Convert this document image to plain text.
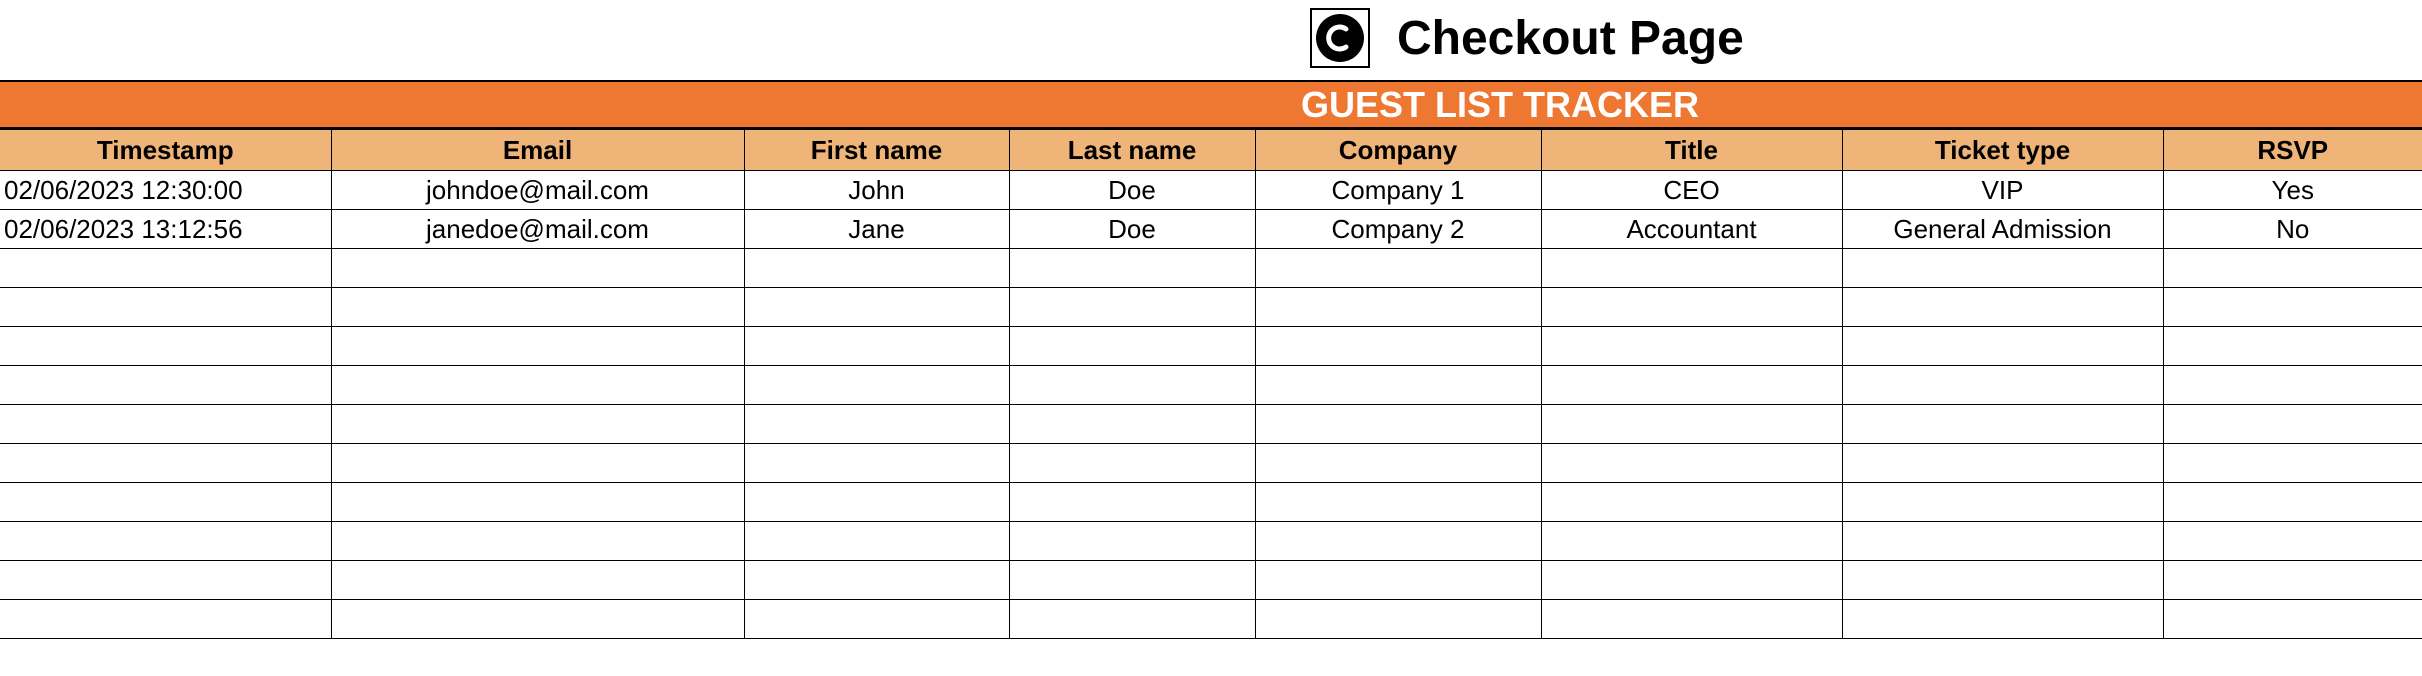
Checkout Page
GUEST LIST TRACKER
Timestamp	Email	First name	Last name	Company	Title	Ticket type	RSVP
02/06/2023 12:30:00	johndoe@mail.com	John	Doe	Company 1	CEO	VIP	Yes
02/06/2023 13:12:56	janedoe@mail.com	Jane	Doe	Company 2	Accountant	General Admission	No
